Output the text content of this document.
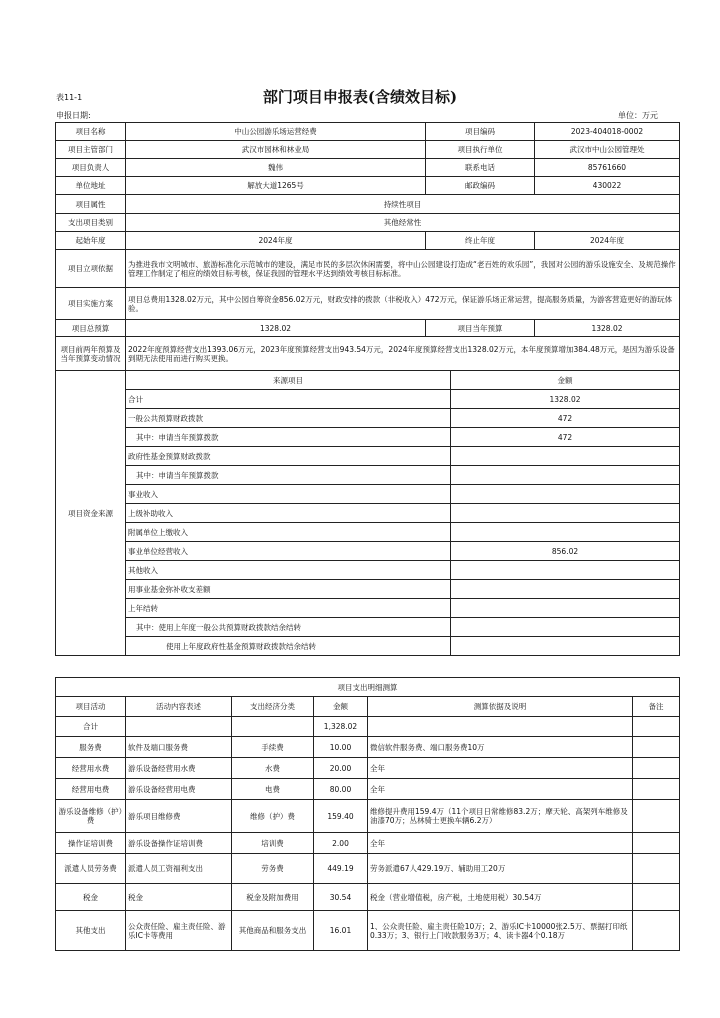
部门项目申报表(含绩效目标)
表11-1
申报日期:	单位：万元
项目名称	中山公园游乐场运营经费	项目编码		2023-404018-0002
项目主管部门	武汉市园林和林业局	项目执行单位		武汉市中山公园管理处
项目负责人	魏伟	联系电话		85761660
单位地址	解放大道1265号	邮政编码		430022
项目属性	持续性项目			
支出项目类别	其他经常性			
起始年度	2024年度	终止年度		2024年度
项目立项依据	为推进我市文明城市、旅游标准化示范城市的建设，满足市民的多层次休闲需要，将中山公园建设打造成“老百姓的欢乐园”，我园对公园的游乐设施安全、及规范操作管理工作制定了相应的绩效目标考核，保证我园的管理水平达到绩效考核目标标准。			
项目实施方案	项目总费用1328.02万元，其中公园自筹资金856.02万元，财政安排的拨款（非税收入）472万元，保证游乐场正常运营，提高服务质量，为游客营造更好的游玩体验。			
项目总预算	1328.02	项目当年预算		1328.02
项目前两年预算及当年预算变动情况	2022年度预算经营支出1393.06万元，2023年度预算经营支出943.54万元，2024年度预算经营支出1328.02万元，本年度预算增加384.48万元，是因为游乐设备到期无法使用而进行购买更换。			
项目资金来源	来源项目		金额	
	合计		1328.02	
	一般公共预算财政拨款		472	
	其中：申请当年预算拨款		472	
	政府性基金预算财政拨款			
	其中：申请当年预算拨款			
	事业收入			
	上级补助收入			
	附属单位上缴收入			
	事业单位经营收入		856.02	
	其他收入			
	用事业基金弥补收支差额			
	上年结转			
	其中：使用上年度一般公共预算财政拨款结余结转			
	使用上年度政府性基金预算财政拨款结余结转			
项目支出明细测算					
项目活动	活动内容表述	支出经济分类	金额	测算依据及说明	备注
合计			1,328.02		
服务费	软件及端口服务费	手续费	10.00	微信软件服务费、端口服务费10万	
经营用水费	游乐设备经营用水费	水费	20.00	全年	
经营用电费	游乐设备经营用电费	电费	80.00	全年	
游乐设备维修（护）费	游乐项目维修费	维修（护）费	159.40	维修提升费用159.4万（11个项目日常维修83.2万；摩天轮、高架列车维修及油漆70万；丛林骑士更换车辆6.2万）	
操作证培训费	游乐设备操作证培训费	培训费	2.00	全年	
派遣人员劳务费	派遣人员工资福利支出	劳务费	449.19	劳务派遣67人429.19万、辅助用工20万	
税金	税金	税金及附加费用	30.54	税金（营业增值税，房产税，土地使用税）30.54万	
其他支出	公众责任险、雇主责任险、游乐IC卡等费用	其他商品和服务支出	16.01	1、公众责任险、雇主责任险10万；2、游乐IC卡10000张2.5万、票据打印纸0.33万；3、银行上门收款服务3万；4、读卡器4个0.18万	
